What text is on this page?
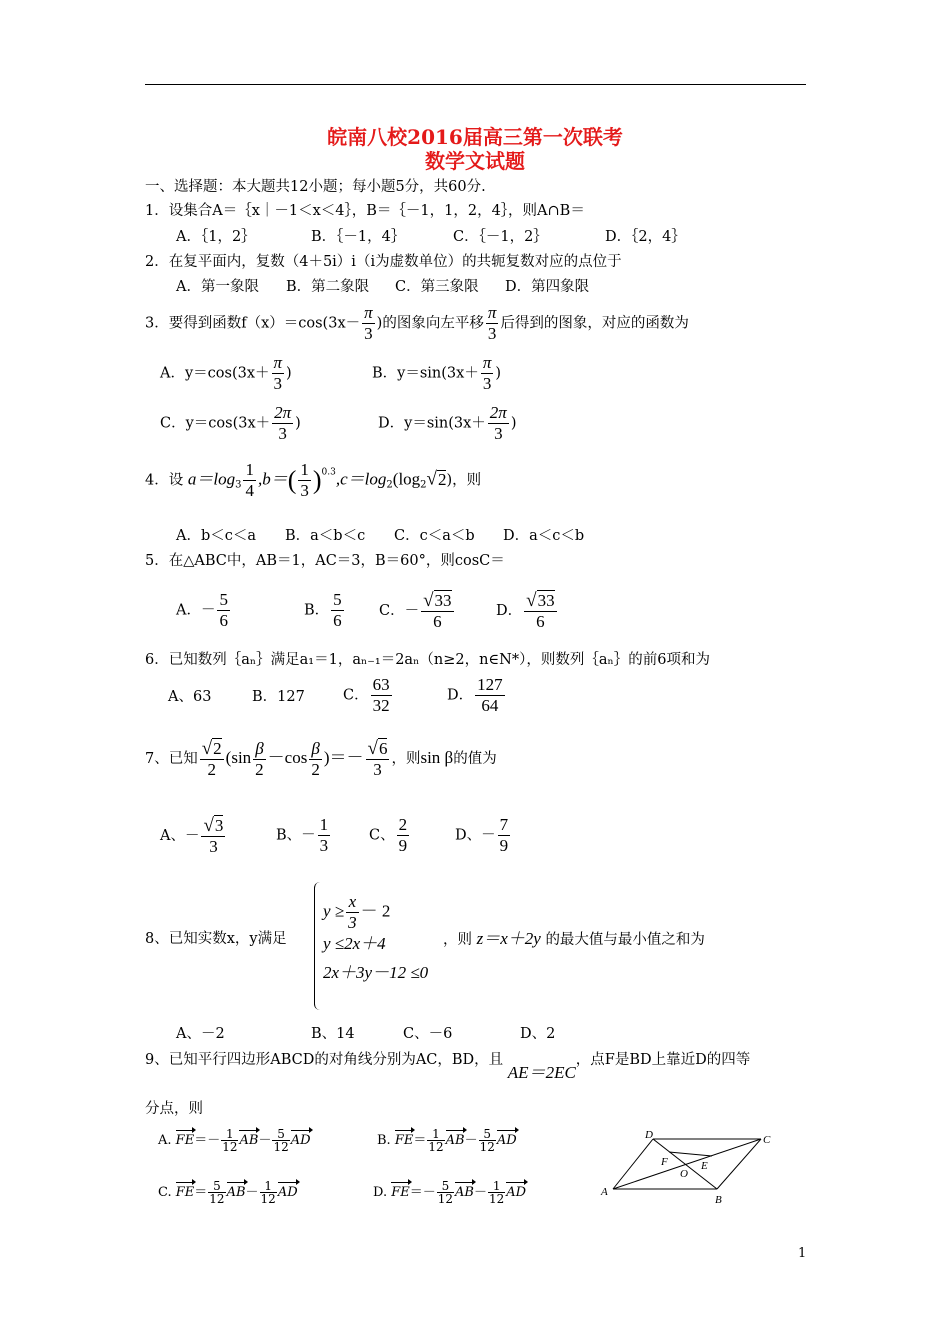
皖南八校2016届高三第一次联考
数学文试题
一、选择题：本大题共12小题；每小题5分，共60分.
1．设集合A＝｛x｜－1＜x＜4｝，B＝｛－1，1，2，4｝，则A∩B＝
A．｛1，2｝	B．｛－1，4｝	C．｛－1，2｝	D．｛2，4｝
2．在复平面内，复数（4＋5i）i（i为虚数单位）的共轭复数对应的点位于
A．第一象限 B．第二象限 C．第三象限 D．第四象限
3．要得到函数$f(x)=\cos(3x- \frac{\pi}{3}$ )的图象向左平移 $\frac{\pi}{3}$ 后得到的图象，对应的函数为
A．$y=\cos(3x+ \frac{\pi}{3}$ )	B．$y=\sin(3x+ \frac{\pi}{3}$ )
C．$y=\cos(3x+ \frac{2\pi}{3}$ )	D．$y=\sin(3x+ \frac{2\pi}{3}$ )
4．设 $a=\log_3 \frac{1}{4} ,b=( \frac{1}{3} )^{0.3},c=\log_2(\log_2√2)$，则
A．b＜c＜a B．a＜b＜c C．c＜a＜b D．a＜c＜b
5．在△ABC中，AB＝1，AC＝3，B＝60°，则cosC＝
A．－ $\frac{5}{6}$	B． $\frac{5}{6}$ C．－ $\frac{√33}{6}$	D． $\frac{√33}{6}$
6．已知数列｛aₙ｝满足a₁＝1，aₙ₋₁＝2aₙ（n≥2，n∈N*），则数列｛aₙ｝的前6项和为
A、63	B．127	C． $\frac{63}{32}$	D． $\frac{127}{64}$
7、已知 $\frac{√2}{2} (\sin \frac{\beta}{2} -\cos \frac{\beta}{2}$ )＝－ $\frac{√6}{3}$ ，则sin β的值为
A、－ $\frac{√3}{3}$	B、－ $\frac{1}{3}$	C、 $\frac{2}{9}$	D、－ $\frac{7}{9}$
8、已知实数x，y满足
$y \ge \frac{x}{3} - 2$
y ≤2x＋4
2x＋3y－12 ≤0
，则 z＝x＋2y 的最大值与最小值之和为
A、－2	B、14	C、－6	D、2
9、已知平行四边形ABCD的对角线分别为AC，BD，且 AE＝2EC，点F是BD上靠近D的四等
分点，则
A. $FE=- \frac{1}{12} AB- \frac{5}{12}$ AD	B. $FE= \frac{1}{12} AB- \frac{5}{12}$ AD
C. $FE= \frac{5}{12} AB- \frac{1}{12}$ AD	D. $FE=- \frac{5}{12} AB- \frac{1}{12}$ AD	A
B
C
D
E
F
O
1
